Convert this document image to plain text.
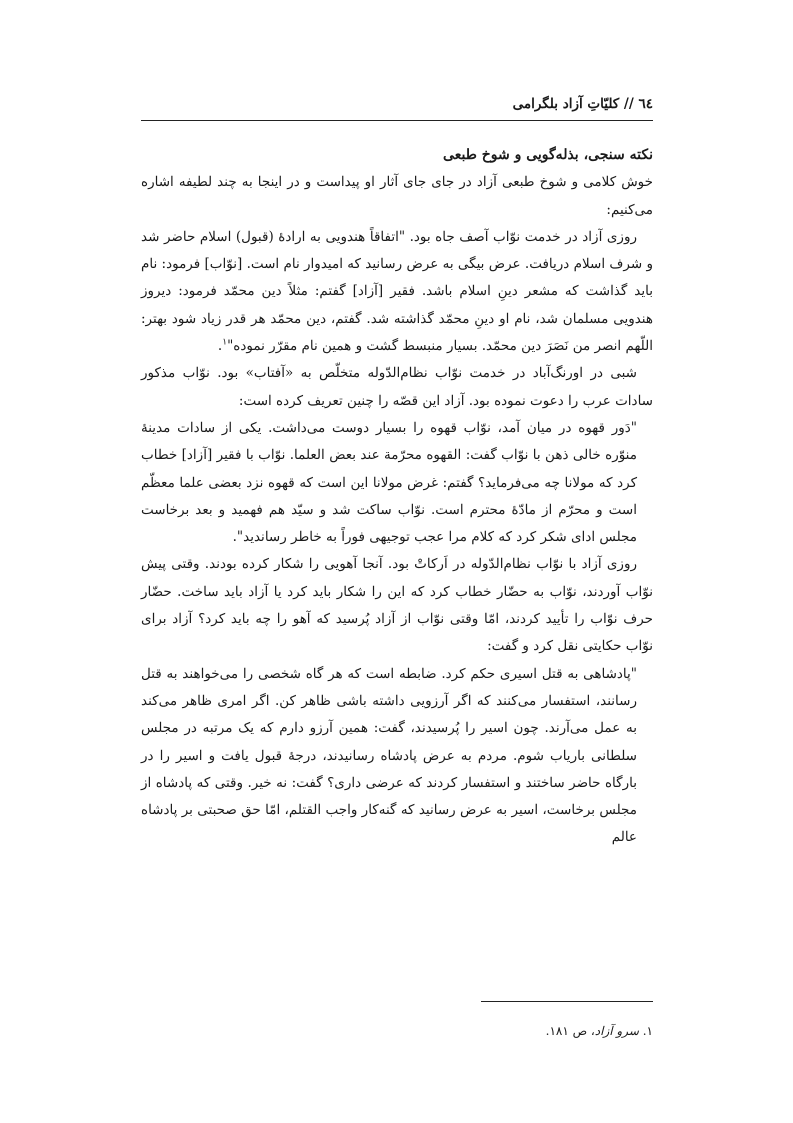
٦٤ // کلیّاتِ آزاد بلگرامی

نکته سنجی، بذله‌گویی و شوخ طبعی

خوش کلامی و شوخ طبعی آزاد در جای جای آثار او پیداست و در اینجا به چند لطیفه اشاره می‌کنیم:

روزی آزاد در خدمت نوّاب آصف جاه بود. "اتفاقاً هندویی به ارادهٔ (قبول) اسلام حاضر شد و شرف اسلام دریافت. عرض بیگی به عرض رسانید که امیدوار نام است. [نوّاب] فرمود: نام باید گذاشت که مشعر دینِ اسلام باشد. فقیر [آزاد] گفتم: مثلاً دین محمّد فرمود: دیروز هندویی مسلمان شد، نام او دینِ محمّد گذاشته شد. گفتم، دین محمّد هر قدر زیاد شود بهتر: اللّهم انصر من نَصَرَ دین محمّد. بسیار منبسط گشت و همین نام مقرّر نموده"$^١$.

شبی در اورنگ‌آباد در خدمت نوّاب نظام‌الدّوله متخلّص به «آفتاب» بود. نوّاب مذکور سادات عرب را دعوت نموده بود. آزاد این قصّه را چنین تعریف کرده است:

"دَور قهوه در میان آمد، نوّاب قهوه را بسیار دوست می‌داشت. یکی از سادات مدینهٔ منوّره خالی ذهن با نوّاب گفت: القهوه محرّمة عند بعض العلما. نوّاب با فقیر [آزاد] خطاب کرد که مولانا چه می‌فرماید؟ گفتم: غرض مولانا این است که قهوه نزد بعضی علما معظّم است و محرّم از مادّهٔ محترم است. نوّاب ساکت شد و سیّد هم فهمید و بعد برخاست مجلس ادای شکر کرد که کلام مرا عجب توجیهی فوراً به خاطر رساندید".

روزی آزاد با نوّاب نظام‌الدّوله در اَرکاتْ بود. آنجا آهویی را شکار کرده بودند. وقتی پیش نوّاب آوردند، نوّاب به حضّار خطاب کرد که این را شکار باید کرد یا آزاد باید ساخت. حضّار حرف نوّاب را تأیید کردند، امّا وقتی نوّاب از آزاد پُرسید که آهو را چه باید کرد؟ آزاد برای نوّاب حکایتی نقل کرد و گفت:

"پادشاهی به قتل اسیری حکم کرد. ضابطه است که هر گاه شخصی را می‌خواهند به قتل رسانند، استفسار می‌کنند که اگر آرزویی داشته باشی ظاهر کن. اگر امری ظاهر می‌کند به عمل می‌آرند. چون اسیر را پُرسیدند، گفت: همین آرزو دارم که یک مرتبه در مجلس سلطانی باریاب شوم. مردم به عرض پادشاه رسانیدند، درجهٔ قبول یافت و اسیر را در بارگاه حاضر ساختند و استفسار کردند که عرضی داری؟ گفت: نه خیر. وقتی که پادشاه از مجلس برخاست، اسیر به عرض رسانید که گنه‌کار واجب القتلم، امّا حق صحبتی بر پادشاه عالم

١. سرو آزاد، ص ١٨١.
